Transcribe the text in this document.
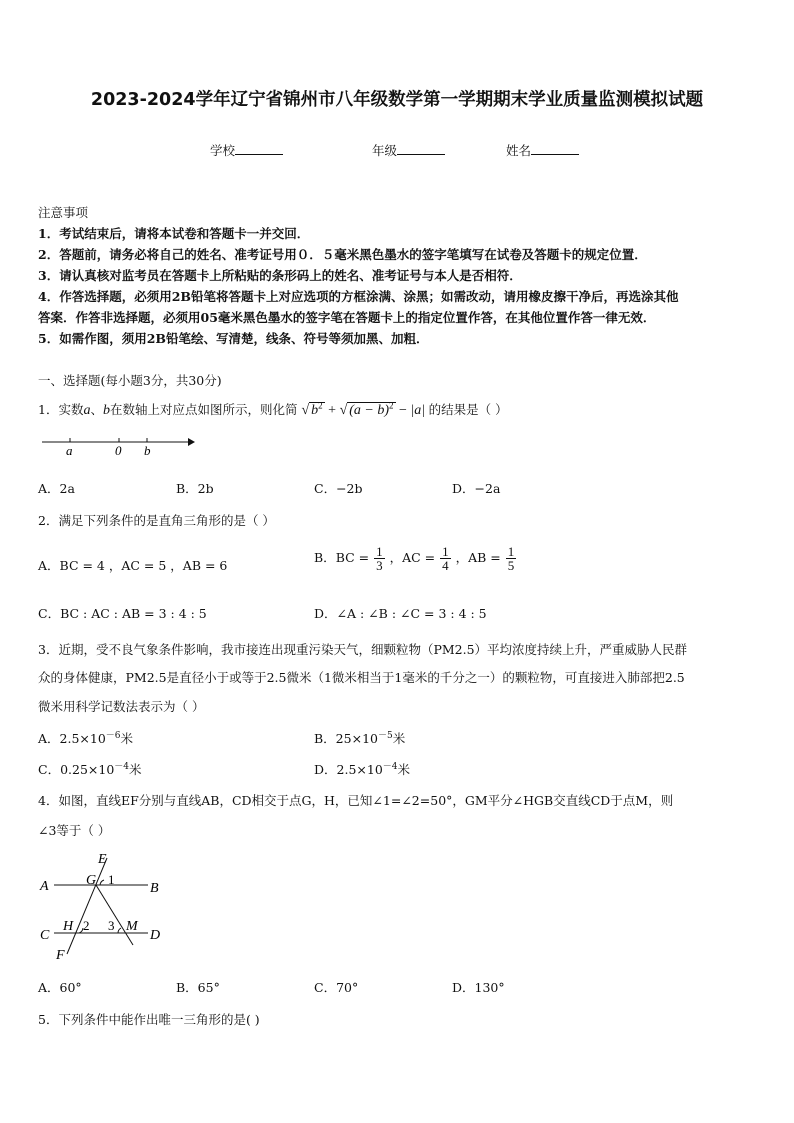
2023-2024学年辽宁省锦州市八年级数学第一学期期末学业质量监测模拟试题
学校	年级	姓名
注意事项
1．考试结束后，请将本试卷和答题卡一并交回．
2．答题前，请务必将自己的姓名、准考证号用０．５毫米黑色墨水的签字笔填写在试卷及答题卡的规定位置．
3．请认真核对监考员在答题卡上所粘贴的条形码上的姓名、准考证号与本人是否相符．
4．作答选择题，必须用2B铅笔将答题卡上对应选项的方框涂满、涂黑；如需改动，请用橡皮擦干净后，再选涂其他
答案．作答非选择题，必须用05毫米黑色墨水的签字笔在答题卡上的指定位置作答，在其他位置作答一律无效．
5．如需作图，须用2B铅笔绘、写清楚，线条、符号等须加黑、加粗．
一、选择题(每小题3分，共30分)
1．实数a、b在数轴上对应点如图所示，则化简 √ $b^2$ + √ $(a - b)^2 - |a|$ 的结果是（ ）
a	0 b
A．2a	B．2b	C．−2b	D．−2a
2．满足下列条件的是直角三角形的是（ ）
A．BC = 4 ，AC = 5 ，AB = 6
B．BC = $\frac{1}{3}$ ，AC = $\frac{1}{4}$ ，AB = $\frac{1}{5}$
C．BC : AC : AB = 3 : 4 : 5	D．∠A : ∠B : ∠C = 3 : 4 : 5
3．近期，受不良气象条件影响，我市接连出现重污染天气，细颗粒物（PM2.5）平均浓度持续上升，严重威胁人民群
众的身体健康，PM2.5是直径小于或等于2.5微米（1微米相当于1毫米的千分之一）的颗粒物，可直接进入肺部把2.5
微米用科学记数法表示为（ ）
A．$2.5\times 10^{-6}$米	B．$25\times 10^{-5}$米
C．$0.25\times 10^{-4}$米	D．$2.5\times 10^{-4}$米
4．如图，直线EF分别与直线AB，CD相交于点G，H，已知∠1=∠2=50°，GM平分∠HGB交直线CD于点M，则
∠3等于（ ）
E
G 1
A	B
H 2 3 M
C	D
F
A．60°	B．65°	C．70°	D．130°
5．下列条件中能作出唯一三角形的是( )
